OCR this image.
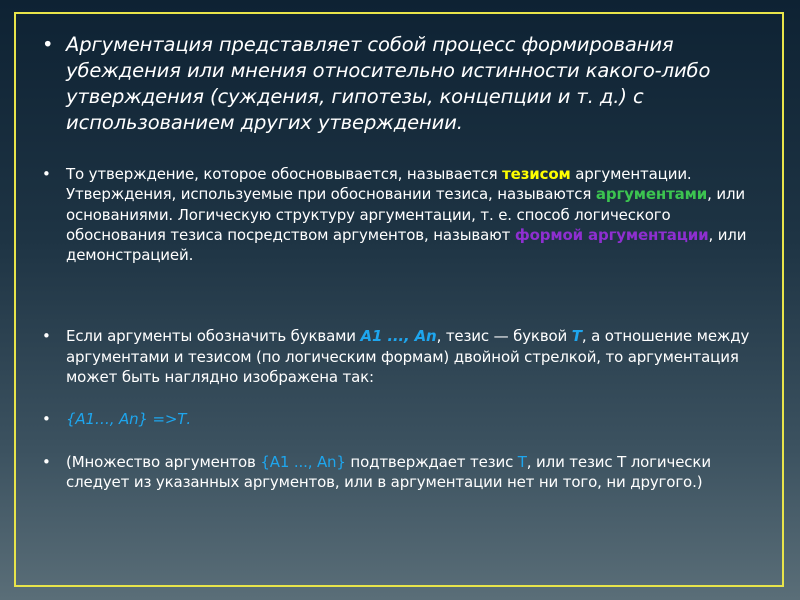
• Аргументация представляет собой процесс формирования убеждения или мнения относительно истинности какого-либо утверждения (суждения, гипотезы, концепции и т. д.) с использованием других утверждении.
• То утверждение, которое обосновывается, называется тезисом аргументации. Утверждения, используемые при обосновании тезиса, называются аргументами, или основаниями. Логическую структуру аргументации, т. е. способ логического обоснования тезиса посредством аргументов, называют формой аргументации, или демонстрацией.
• Если аргументы обозначить буквами А1 ..., Аn, тезис — буквой Т, а отношение между аргументами и тезисом (по логическим формам) двойной стрелкой, то аргументация может быть наглядно изображена так:
• {А1…, Аn} =>Т.
• (Множество аргументов {А1 ..., Аn} подтверждает тезис Т, или тезис Т логически следует из указанных аргументов, или в аргументации нет ни того, ни другого.)
